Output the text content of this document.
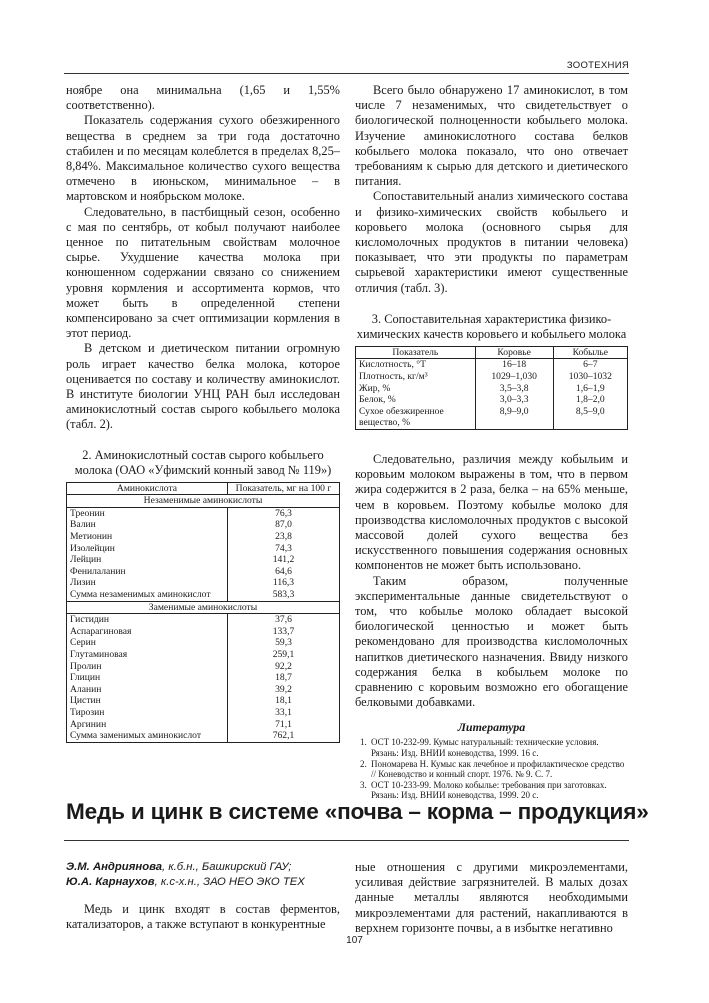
ЗООТЕХНИЯ

ноябре она минимальна (1,65 и 1,55% соответственно).

Показатель содержания сухого обезжиренного вещества в среднем за три года достаточно стабилен и по месяцам колеблется в пределах 8,25–8,84%. Максимальное количество сухого вещества отмечено в июньском, минимальное – в мартовском и ноябрьском молоке.

Следовательно, в пастбищный сезон, особенно с мая по сентябрь, от кобыл получают наиболее ценное по питательным свойствам молочное сырье. Ухудшение качества молока при конюшенном содержании связано со снижением уровня кормления и ассортимента кормов, что может быть в определенной степени компенсировано за счет оптимизации кормления в этот период.

В детском и диетическом питании огромную роль играет качество белка молока, которое оценивается по составу и количеству аминокислот. В институте биологии УНЦ РАН был исследован аминокислотный состав сырого кобыльего молока (табл. 2).

2. Аминокислотный состав сырого кобыльего молока (ОАО «Уфимский конный завод № 119»)
Аминокислота	Показатель, мг на 100 г
Незаменимые аминокислоты	
Треонин	76,3
Валин	87,0
Метионин	23,8
Изолейцин	74,3
Лейцин	141,2
Фенилаланин	64,6
Лизин	116,3
Сумма незаменимых аминокислот	583,3
Заменимые аминокислоты	
Гистидин	37,6
Аспарагиновая	133,7
Серин	59,3
Глутаминовая	259,1
Пролин	92,2
Глицин	18,7
Аланин	39,2
Цистин	18,1
Тирозин	33,1
Аргинин	71,1
Сумма заменимых аминокислот	762,1

Всего было обнаружено 17 аминокислот, в том числе 7 незаменимых, что свидетельствует о биологической полноценности кобыльего молока. Изучение аминокислотного состава белков кобыльего молока показало, что оно отвечает требованиям к сырью для детского и диетического питания.

Сопоставительный анализ химического состава и физико-химических свойств кобыльего и коровьего молока (основного сырья для кисломолочных продуктов в питании человека) показывает, что эти продукты по параметрам сырьевой характеристики имеют существенные отличия (табл. 3).

3. Сопоставительная характеристика физико-химических качеств коровьего и кобыльего молока
Показатель	Коровье	Кобылье
Кислотность, °Т	16–18	6–7
Плотность, кг/м³	1029–1,030	1030–1032
Жир, %	3,5–3,8	1,6–1,9
Белок, %	3,0–3,3	1,8–2,0
Сухое обезжиренное вещество, %	8,9–9,0	8,5–9,0

Следовательно, различия между кобыльим и коровьим молоком выражены в том, что в первом жира содержится в 2 раза, белка – на 65% меньше, чем в коровьем. Поэтому кобылье молоко для производства кисломолочных продуктов с высокой массовой долей сухого вещества без искусственного повышения содержания основных компонентов не может быть использовано.

Таким образом, полученные экспериментальные данные свидетельствуют о том, что кобылье молоко обладает высокой биологической ценностью и может быть рекомендовано для производства кисломолочных напитков диетического назначения. Ввиду низкого содержания белка в кобыльем молоке по сравнению с коровьим возможно его обогащение белковыми добавками.

Литература
1. ОСТ 10-232-99. Кумыс натуральный: технические условия. Рязань: Изд. ВНИИ коневодства, 1999. 16 с.
2. Пономарева Н. Кумыс как лечебное и профилактическое средство // Коневодство и конный спорт. 1976. № 9. С. 7.
3. ОСТ 10-233-99. Молоко кобылье: требования при заготовках. Рязань: Изд. ВНИИ коневодства, 1999. 20 с.
Медь и цинк в системе «почва – корма – продукция»
Э.М. Андриянова, к.б.н., Башкирский ГАУ;
Ю.А. Карнаухов, к.с-х.н., ЗАО НЕО ЭКО ТЕХ

Медь и цинк входят в состав ферментов, катализаторов, а также вступают в конкурентные

ные отношения с другими микроэлементами, усиливая действие загрязнителей. В малых дозах данные металлы являются необходимыми микроэлементами для растений, накапливаются в верхнем горизонте почвы, а в избытке негативно

107
